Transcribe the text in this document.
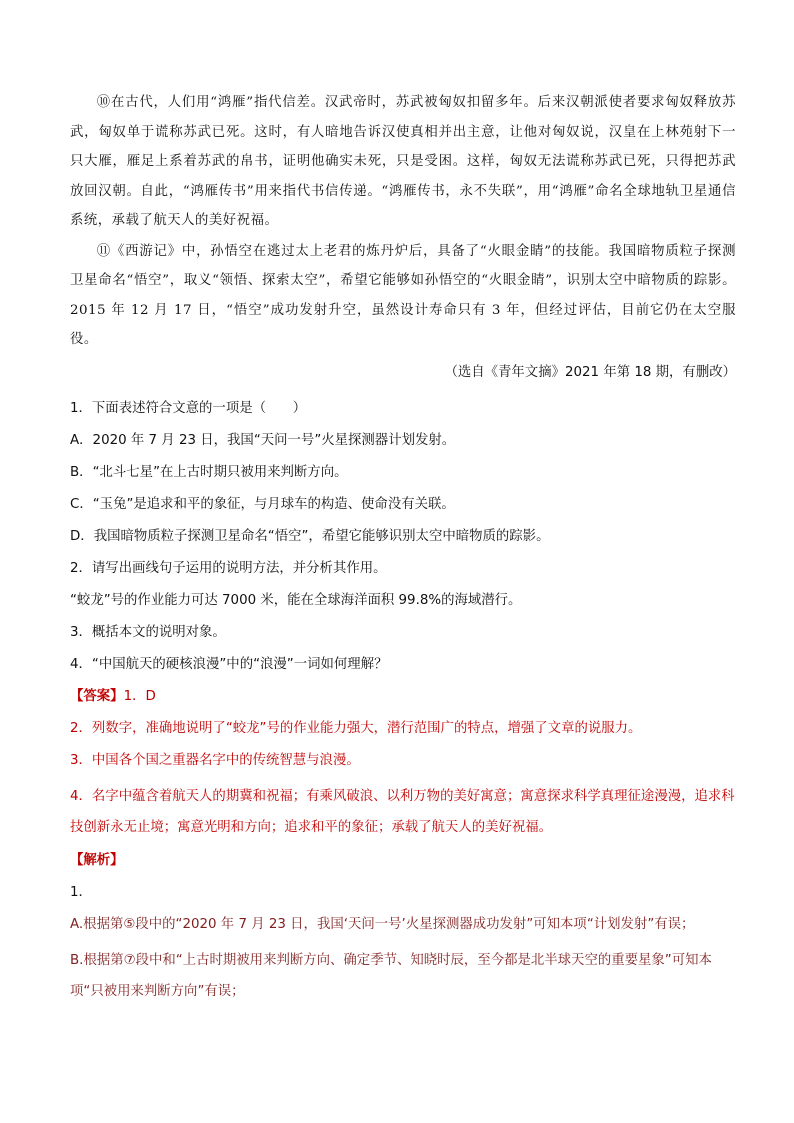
⑩在古代，人们用“鸿雁”指代信差。汉武帝时，苏武被匈奴扣留多年。后来汉朝派使者要求匈奴释放苏武，匈奴单于谎称苏武已死。这时，有人暗地告诉汉使真相并出主意，让他对匈奴说，汉皇在上林苑射下一只大雁，雁足上系着苏武的帛书，证明他确实未死，只是受困。这样，匈奴无法谎称苏武已死，只得把苏武放回汉朝。自此，“鸿雁传书”用来指代书信传递。“鸿雁传书，永不失联”，用“鸿雁”命名全球地轨卫星通信系统，承载了航天人的美好祝福。

⑪《西游记》中，孙悟空在逃过太上老君的炼丹炉后，具备了“火眼金睛”的技能。我国暗物质粒子探测卫星命名“悟空”，取义“领悟、探索太空”，希望它能够如孙悟空的“火眼金睛”，识别太空中暗物质的踪影。2015 年 12 月 17 日，“悟空”成功发射升空，虽然设计寿命只有 3 年，但经过评估，目前它仍在太空服役。

（选自《青年文摘》2021 年第 18 期，有删改）

1．下面表述符合文意的一项是（　　）

A．2020 年 7 月 23 日，我国“天问一号”火星探测器计划发射。

B．“北斗七星”在上古时期只被用来判断方向。

C．“玉兔”是追求和平的象征，与月球车的构造、使命没有关联。

D．我国暗物质粒子探测卫星命名“悟空”，希望它能够识别太空中暗物质的踪影。

2．请写出画线句子运用的说明方法，并分析其作用。

“蛟龙”号的作业能力可达 7000 米，能在全球海洋面积 99.8%的海域潜行。

3．概括本文的说明对象。

4．“中国航天的硬核浪漫”中的“浪漫”一词如何理解？

【答案】1．D

2．列数字，准确地说明了“蛟龙”号的作业能力强大，潜行范围广的特点，增强了文章的说服力。

3．中国各个国之重器名字中的传统智慧与浪漫。

4．名字中蕴含着航天人的期冀和祝福；有乘风破浪、以利万物的美好寓意；寓意探求科学真理征途漫漫，追求科技创新永无止境；寓意光明和方向；追求和平的象征；承载了航天人的美好祝福。

【解析】

1．

A.根据第⑤段中的“2020 年 7 月 23 日，我国‘天问一号’火星探测器成功发射”可知本项“计划发射”有误；

B.根据第⑦段中和“上古时期被用来判断方向、确定季节、知晓时辰，至今都是北半球天空的重要星象”可知本项“只被用来判断方向”有误；
